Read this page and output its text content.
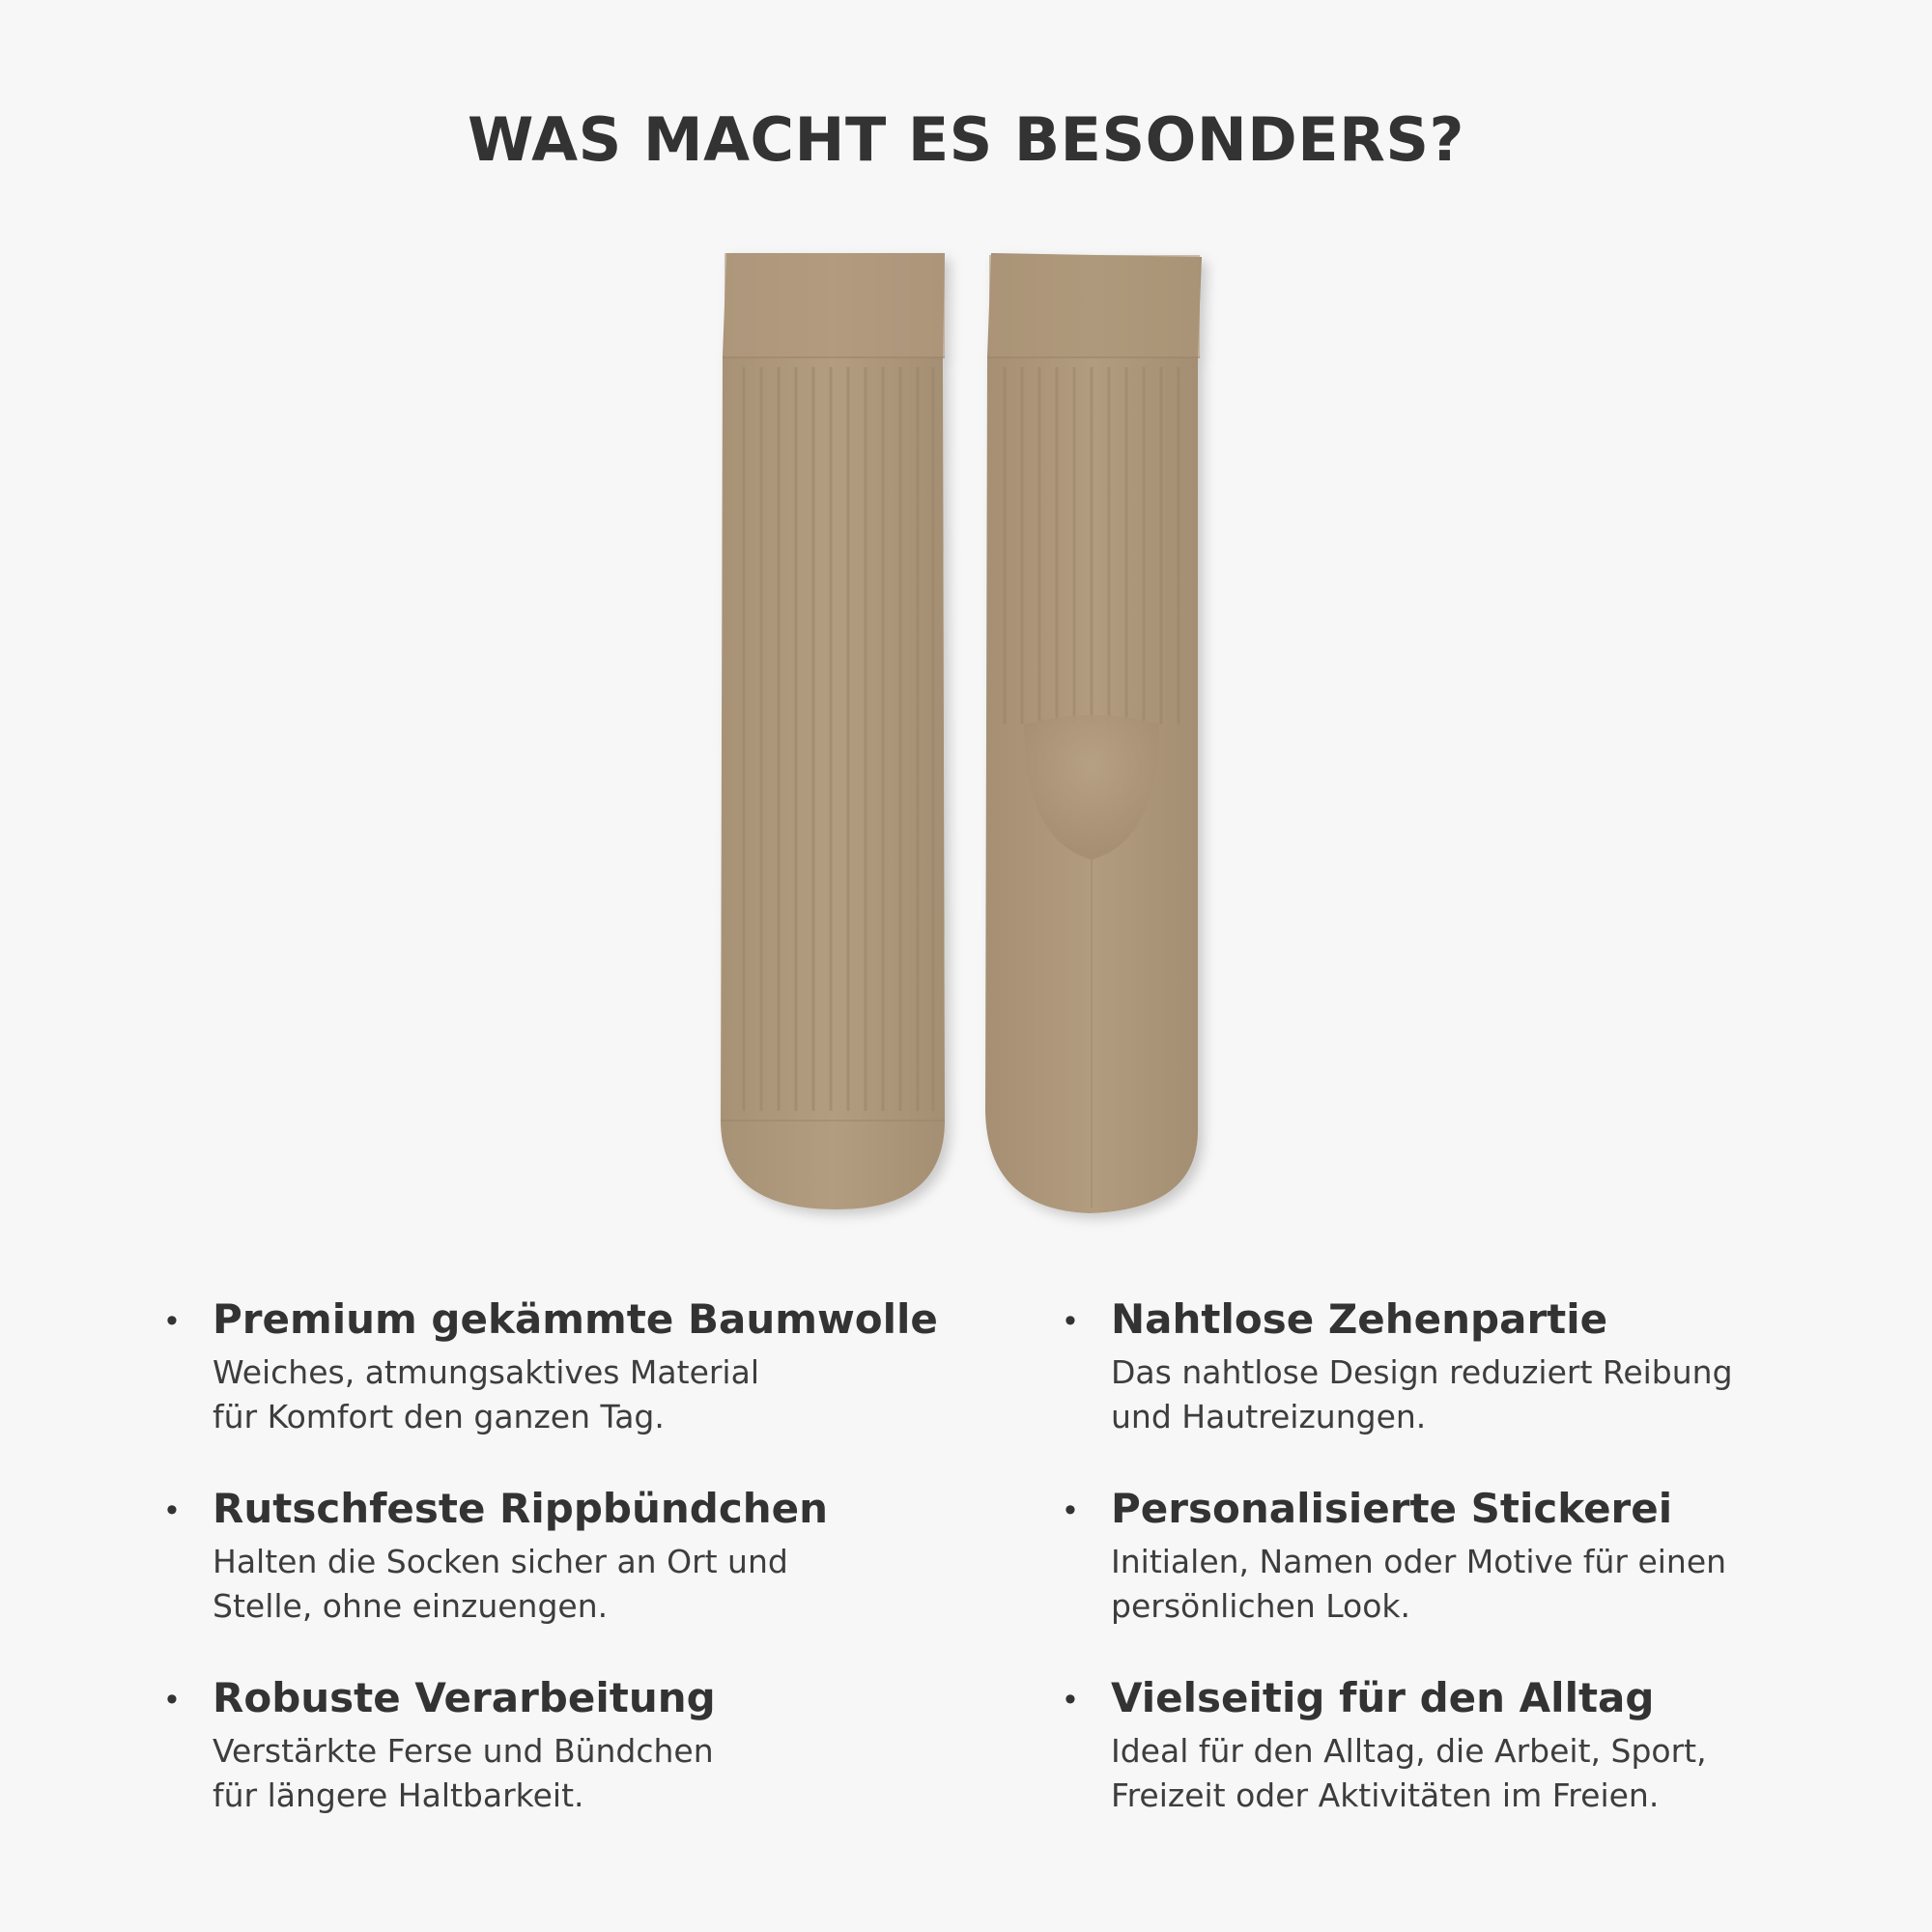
WAS MACHT ES BESONDERS?
• Premium gekämmte Baumwolle

Weiches, atmungsaktives Material
für Komfort den ganzen Tag.

• Nahtlose Zehenpartie

Das nahtlose Design reduziert Reibung
und Hautreizungen.

• Rutschfeste Rippbündchen

Halten die Socken sicher an Ort und
Stelle, ohne einzuengen.

• Personalisierte Stickerei

Initialen, Namen oder Motive für einen
persönlichen Look.

• Robuste Verarbeitung

Verstärkte Ferse und Bündchen
für längere Haltbarkeit.

• Vielseitig für den Alltag

Ideal für den Alltag, die Arbeit, Sport,
Freizeit oder Aktivitäten im Freien.
